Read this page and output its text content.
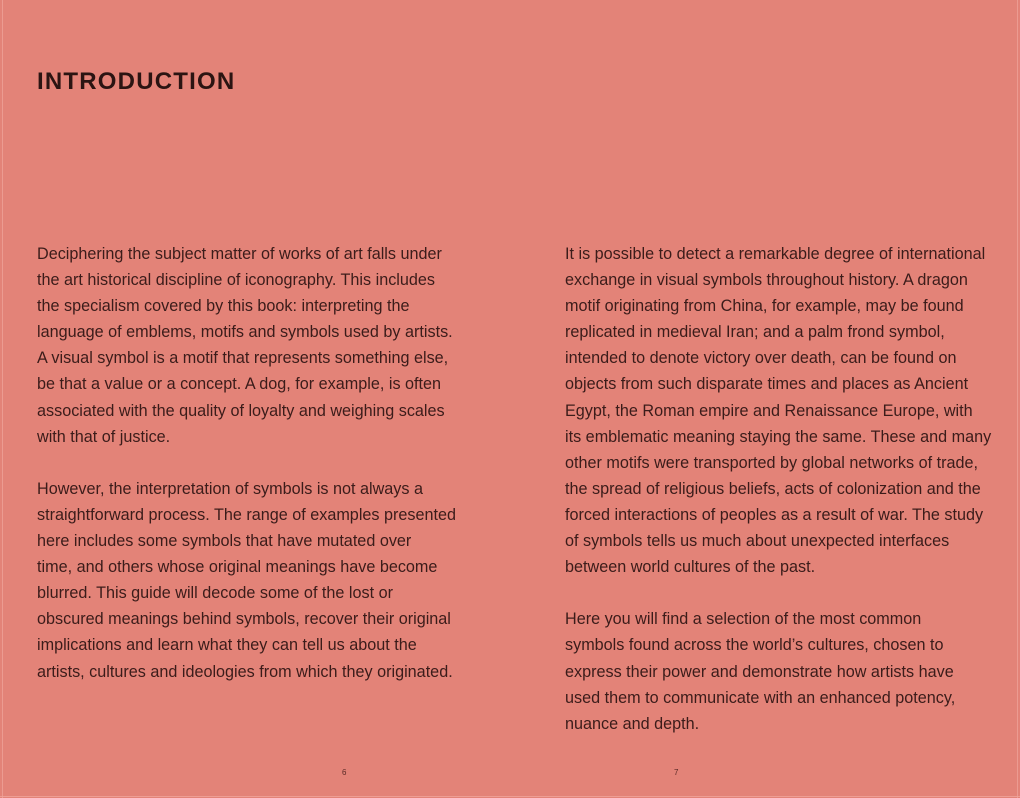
INTRODUCTION

Deciphering the subject matter of works of art falls under
the art historical discipline of iconography. This includes
the specialism covered by this book: interpreting the
language of emblems, motifs and symbols used by artists.
A visual symbol is a motif that represents something else,
be that a value or a concept. A dog, for example, is often
associated with the quality of loyalty and weighing scales
with that of justice.

However, the interpretation of symbols is not always a
straightforward process. The range of examples presented
here includes some symbols that have mutated over
time, and others whose original meanings have become
blurred. This guide will decode some of the lost or
obscured meanings behind symbols, recover their original
implications and learn what they can tell us about the
artists, cultures and ideologies from which they originated.

It is possible to detect a remarkable degree of international
exchange in visual symbols throughout history. A dragon
motif originating from China, for example, may be found
replicated in medieval Iran; and a palm frond symbol,
intended to denote victory over death, can be found on
objects from such disparate times and places as Ancient
Egypt, the Roman empire and Renaissance Europe, with
its emblematic meaning staying the same. These and many
other motifs were transported by global networks of trade,
the spread of religious beliefs, acts of colonization and the
forced interactions of peoples as a result of war. The study
of symbols tells us much about unexpected interfaces
between world cultures of the past.

Here you will find a selection of the most common
symbols found across the world’s cultures, chosen to
express their power and demonstrate how artists have
used them to communicate with an enhanced potency,
nuance and depth.

6	7
